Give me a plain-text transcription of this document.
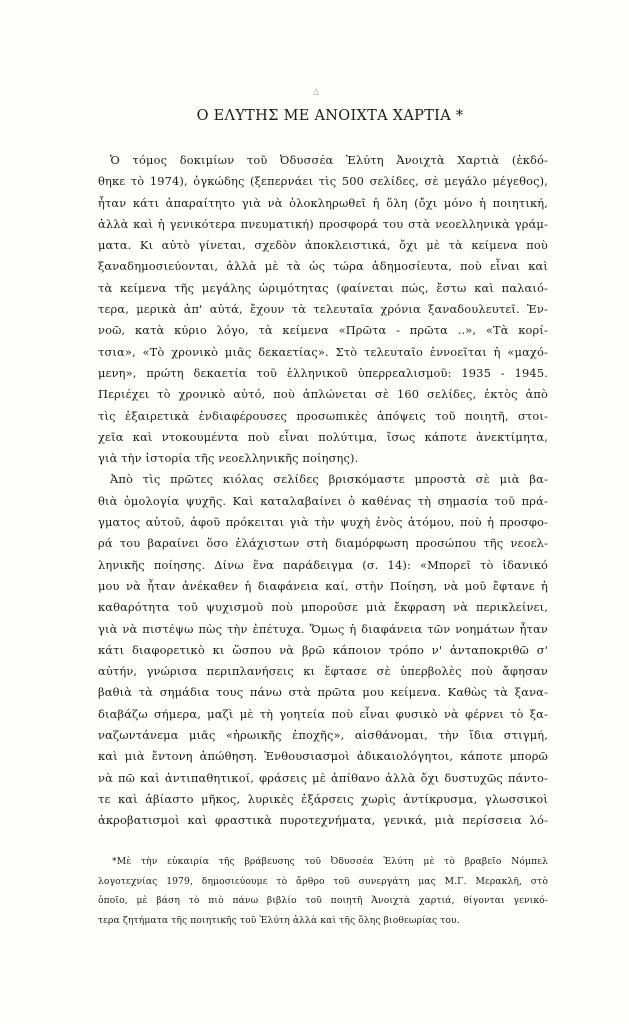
∆
Ο ΕΛΥΤΗΣ ΜΕ ΑΝΟΙΧΤΑ ΧΑΡΤΙΑ *
Ὁ τόμος δοκιμίων τοῦ Ὀδυσσέα Ἐλύτη Ἀνοιχτὰ Χαρτιὰ (ἐκδό-
θηκε τὸ 1974), ὀγκώδης (ξεπερνάει τὶς 500 σελίδες, σὲ μεγάλο μέγεθος),
ἦταν κάτι ἀπαραίτητο γιὰ νὰ ὁλοκληρωθεῖ ἡ ὅλη (ὄχι μόνο ἡ ποιητική,
ἀλλὰ καὶ ἡ γενικότερα πνευματική) προσφορά του στὰ νεοελληνικὰ γράμ-
ματα. Κι αὐτὸ γίνεται, σχεδὸν ἀποκλειστικά, ὄχι μὲ τὰ κείμενα ποὺ
ξαναδημοσιεύονται, ἀλλὰ μὲ τὰ ὡς τώρα ἀδημοσίευτα, ποὺ εἶναι καὶ
τὰ κείμενα τῆς μεγάλης ὡριμότητας (φαίνεται πώς, ἔστω καὶ παλαιό-
τερα, μερικὰ ἀπ' αὐτά, ἔχουν τὰ τελευταῖα χρόνια ξαναδουλευτεῖ. Ἐν-
νοῶ, κατὰ κύριο λόγο, τὰ κείμενα «Πρῶτα - πρῶτα ..», «Τὰ κορί-
τσια», «Τὸ χρονικὸ μιᾶς δεκαετίας». Στὸ τελευταῖο ἐννοεῖται ἡ «μαχό-
μενη», πρώτη δεκαετία τοῦ ἑλληνικοῦ ὑπερρεαλισμοῦ: 1935 - 1945.
Περιέχει τὸ χρονικὸ αὐτό, ποὺ ἁπλώνεται σὲ 160 σελίδες, ἐκτὸς ἀπὸ
τὶς ἐξαιρετικὰ ἐνδιαφέρουσες προσωπικὲς ἀπόψεις τοῦ ποιητῆ, στοι-
χεῖα καὶ ντοκουμέντα ποὺ εἶναι πολύτιμα, ἴσως κάποτε ἀνεκτίμητα,
γιὰ τὴν ἱστορία τῆς νεοελληνικῆς ποίησης).
Ἀπὸ τὶς πρῶτες κιόλας σελίδες βρισκόμαστε μπροστὰ σὲ μιὰ βα-
θιὰ ὁμολογία ψυχῆς. Καὶ καταλαβαίνει ὁ καθένας τὴ σημασία τοῦ πρά-
γματος αὐτοῦ, ἀφοῦ πρόκειται γιὰ τὴν ψυχὴ ἑνὸς ἀτόμου, ποὺ ἡ προσφο-
ρά του βαραίνει ὅσο ἐλάχιστων στὴ διαμόρφωση προσώπου τῆς νεοελ-
ληνικῆς ποίησης. Δίνω ἕνα παράδειγμα (σ. 14): «Μπορεῖ τὸ ἰδανικό
μου νὰ ἦταν ἀνέκαθεν ἡ διαφάνεια καί, στὴν Ποίηση, νὰ μοῦ ἔφτανε ἡ
καθαρότητα τοῦ ψυχισμοῦ ποὺ μποροῦσε μιὰ ἔκφραση νὰ περικλείνει,
γιὰ νὰ πιστέψω πὼς τὴν ἐπέτυχα. Ὅμως ἡ διαφάνεια τῶν νοημάτων ἦταν
κάτι διαφορετικὸ κι ὥσπου νὰ βρῶ κάποιον τρόπο ν' ἀνταποκριθῶ σ'
αὐτήν, γνώρισα περιπλανήσεις κι ἔφτασε σὲ ὑπερβολὲς ποὺ ἄφησαν
βαθιὰ τὰ σημάδια τους πάνω στὰ πρῶτα μου κείμενα. Καθὼς τὰ ξανα-
διαβάζω σήμερα, μαζὶ μὲ τὴ γοητεία ποὺ εἶναι φυσικὸ νὰ φέρνει τὸ ξα-
ναζωντάνεμα μιᾶς «ἡρωικῆς ἐποχῆς», αἰσθάνομαι, τὴν ἴδια στιγμή,
καὶ μιὰ ἔντονη ἀπώθηση. Ἐνθουσιασμοὶ ἀδικαιολόγητοι, κάποτε μπορῶ
νὰ πῶ καὶ ἀντιπαθητικοί, φράσεις μὲ ἀπίθανο ἀλλὰ ὄχι δυστυχῶς πάντο-
τε καὶ ἀβίαστο μῆκος, λυρικὲς ἐξάρσεις χωρὶς ἀντίκρυσμα, γλωσσικοὶ
ἀκροβατισμοὶ καὶ φραστικὰ πυροτεχνήματα, γενικά, μιὰ περίσσεια λό-
*Μὲ τὴν εὐκαιρία τῆς βράβευσης τοῦ Ὀδυσσέα Ἐλύτη μὲ τὸ βραβεῖο Νόμπελ
λογοτεχνίας 1979, δημοσιεύουμε τὸ ἄρθρο τοῦ συνεργάτη μας Μ.Γ. Μερακλῆ, στὸ
ὁποῖο, μὲ βάση τὸ πιὸ πάνω βιβλίο τοῦ ποιητῆ Ἀνοιχτὰ χαρτιά, θίγονται γενικό-
τερα ζητήματα τῆς ποιητικῆς τοῦ Ἐλύτη ἀλλὰ καὶ τῆς ὅλης βιοθεωρίας του.
